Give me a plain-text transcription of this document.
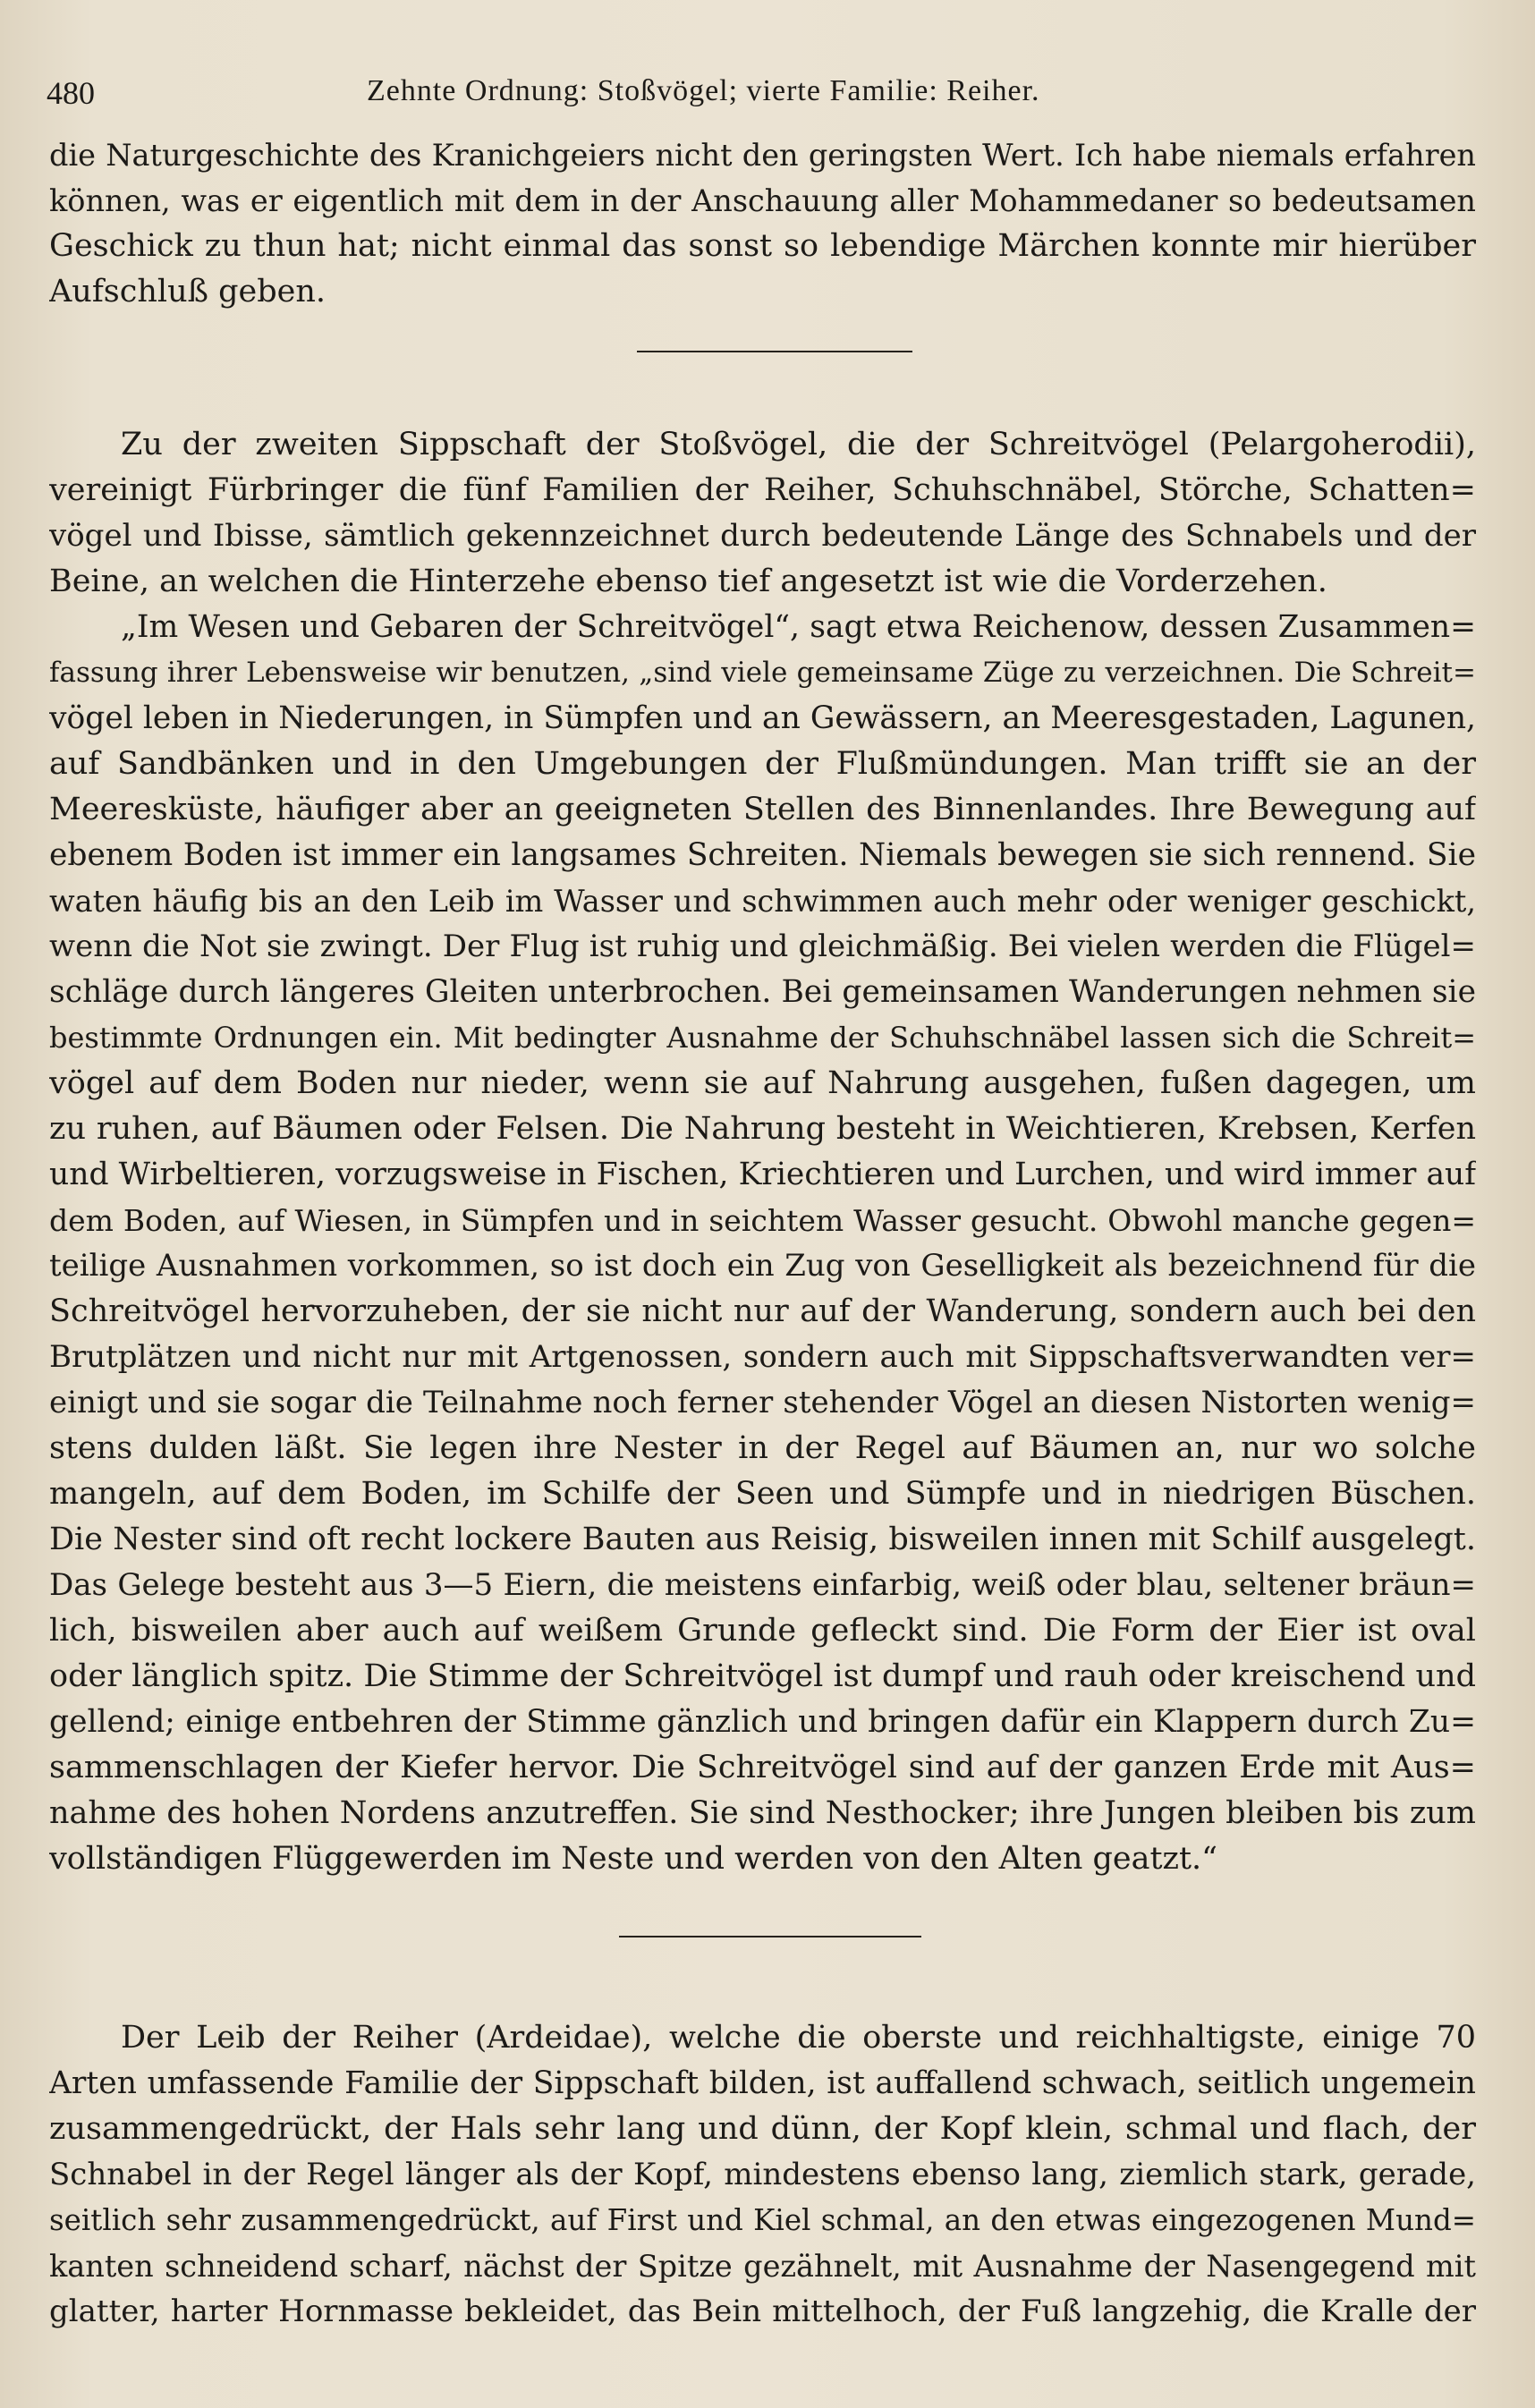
480	Zehnte Ordnung: Stoßvögel; vierte Familie: Reiher.
die Naturgeschichte des Kranichgeiers nicht den geringsten Wert. Ich habe niemals erfahren
können, was er eigentlich mit dem in der Anschauung aller Mohammedaner so bedeutsamen
Geschick zu thun hat; nicht einmal das sonst so lebendige Märchen konnte mir hierüber
Aufschluß geben.
Zu der zweiten Sippschaft der Stoßvögel, die der Schreitvögel (Pelargoherodii),
vereinigt Fürbringer die fünf Familien der Reiher, Schuhschnäbel, Störche, Schatten=
vögel und Ibisse, sämtlich gekennzeichnet durch bedeutende Länge des Schnabels und der
Beine, an welchen die Hinterzehe ebenso tief angesetzt ist wie die Vorderzehen.
„Im Wesen und Gebaren der Schreitvögel“, sagt etwa Reichenow, dessen Zusammen=
fassung ihrer Lebensweise wir benutzen, „sind viele gemeinsame Züge zu verzeichnen. Die Schreit=
vögel leben in Niederungen, in Sümpfen und an Gewässern, an Meeresgestaden, Lagunen,
auf Sandbänken und in den Umgebungen der Flußmündungen. Man trifft sie an der
Meeresküste, häufiger aber an geeigneten Stellen des Binnenlandes. Ihre Bewegung auf
ebenem Boden ist immer ein langsames Schreiten. Niemals bewegen sie sich rennend. Sie
waten häufig bis an den Leib im Wasser und schwimmen auch mehr oder weniger geschickt,
wenn die Not sie zwingt. Der Flug ist ruhig und gleichmäßig. Bei vielen werden die Flügel=
schläge durch längeres Gleiten unterbrochen. Bei gemeinsamen Wanderungen nehmen sie
bestimmte Ordnungen ein. Mit bedingter Ausnahme der Schuhschnäbel lassen sich die Schreit=
vögel auf dem Boden nur nieder, wenn sie auf Nahrung ausgehen, fußen dagegen, um
zu ruhen, auf Bäumen oder Felsen. Die Nahrung besteht in Weichtieren, Krebsen, Kerfen
und Wirbeltieren, vorzugsweise in Fischen, Kriechtieren und Lurchen, und wird immer auf
dem Boden, auf Wiesen, in Sümpfen und in seichtem Wasser gesucht. Obwohl manche gegen=
teilige Ausnahmen vorkommen, so ist doch ein Zug von Geselligkeit als bezeichnend für die
Schreitvögel hervorzuheben, der sie nicht nur auf der Wanderung, sondern auch bei den
Brutplätzen und nicht nur mit Artgenossen, sondern auch mit Sippschaftsverwandten ver=
einigt und sie sogar die Teilnahme noch ferner stehender Vögel an diesen Nistorten wenig=
stens dulden läßt. Sie legen ihre Nester in der Regel auf Bäumen an, nur wo solche
mangeln, auf dem Boden, im Schilfe der Seen und Sümpfe und in niedrigen Büschen.
Die Nester sind oft recht lockere Bauten aus Reisig, bisweilen innen mit Schilf ausgelegt.
Das Gelege besteht aus 3—5 Eiern, die meistens einfarbig, weiß oder blau, seltener bräun=
lich, bisweilen aber auch auf weißem Grunde gefleckt sind. Die Form der Eier ist oval
oder länglich spitz. Die Stimme der Schreitvögel ist dumpf und rauh oder kreischend und
gellend; einige entbehren der Stimme gänzlich und bringen dafür ein Klappern durch Zu=
sammenschlagen der Kiefer hervor. Die Schreitvögel sind auf der ganzen Erde mit Aus=
nahme des hohen Nordens anzutreffen. Sie sind Nesthocker; ihre Jungen bleiben bis zum
vollständigen Flüggewerden im Neste und werden von den Alten geatzt.“
Der Leib der Reiher (Ardeidae), welche die oberste und reichhaltigste, einige 70
Arten umfassende Familie der Sippschaft bilden, ist auffallend schwach, seitlich ungemein
zusammengedrückt, der Hals sehr lang und dünn, der Kopf klein, schmal und flach, der
Schnabel in der Regel länger als der Kopf, mindestens ebenso lang, ziemlich stark, gerade,
seitlich sehr zusammengedrückt, auf First und Kiel schmal, an den etwas eingezogenen Mund=
kanten schneidend scharf, nächst der Spitze gezähnelt, mit Ausnahme der Nasengegend mit
glatter, harter Hornmasse bekleidet, das Bein mittelhoch, der Fuß langzehig, die Kralle der
